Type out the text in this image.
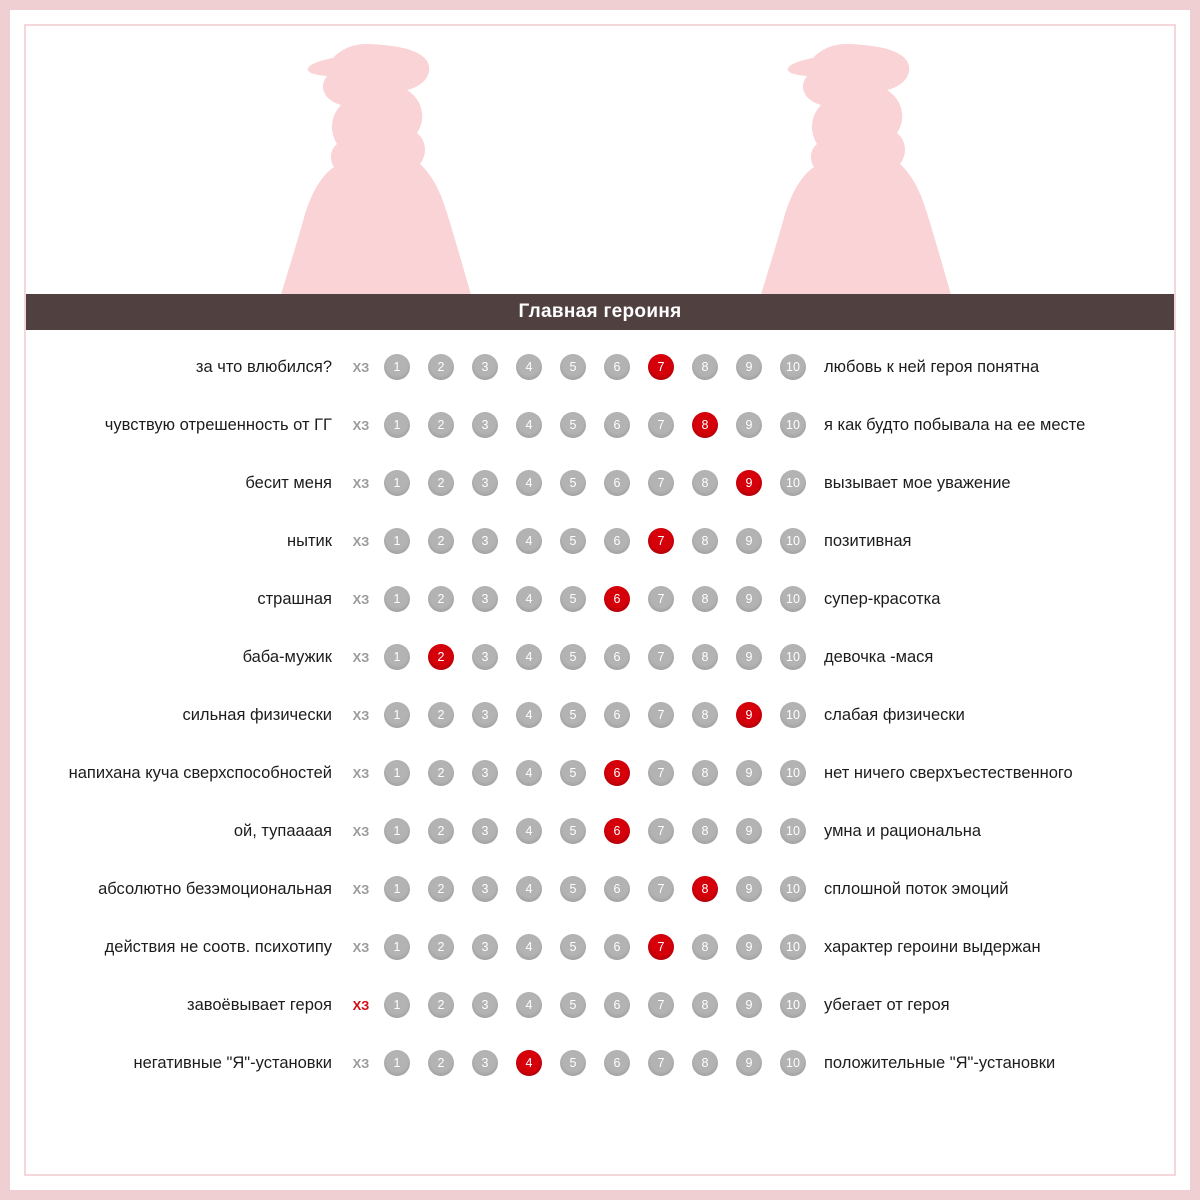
Главная героиня
за что влюбился?	ХЗ	1	2	3	4	5	6	7	8	9	10	любовь к ней героя понятна
чувствую отрешенность от ГГ	ХЗ	1	2	3	4	5	6	7	8	9	10	я как будто побывала на ее месте
бесит меня	ХЗ	1	2	3	4	5	6	7	8	9	10	вызывает мое уважение
нытик	ХЗ	1	2	3	4	5	6	7	8	9	10	позитивная
страшная	ХЗ	1	2	3	4	5	6	7	8	9	10	супер-красотка
баба-мужик	ХЗ	1	2	3	4	5	6	7	8	9	10	девочка -мася
сильная физически	ХЗ	1	2	3	4	5	6	7	8	9	10	слабая физически
напихана куча сверхспособностей	ХЗ	1	2	3	4	5	6	7	8	9	10	нет ничего сверхъестественного
ой, тупаааая	ХЗ	1	2	3	4	5	6	7	8	9	10	умна и рациональна
абсолютно безэмоциональная	ХЗ	1	2	3	4	5	6	7	8	9	10	сплошной поток эмоций
действия не соотв. психотипу	ХЗ	1	2	3	4	5	6	7	8	9	10	характер героини выдержан
завоёвывает героя	ХЗ	1	2	3	4	5	6	7	8	9	10	убегает от героя
негативные "Я"-установки	ХЗ	1	2	3	4	5	6	7	8	9	10	положительные "Я"-установки
